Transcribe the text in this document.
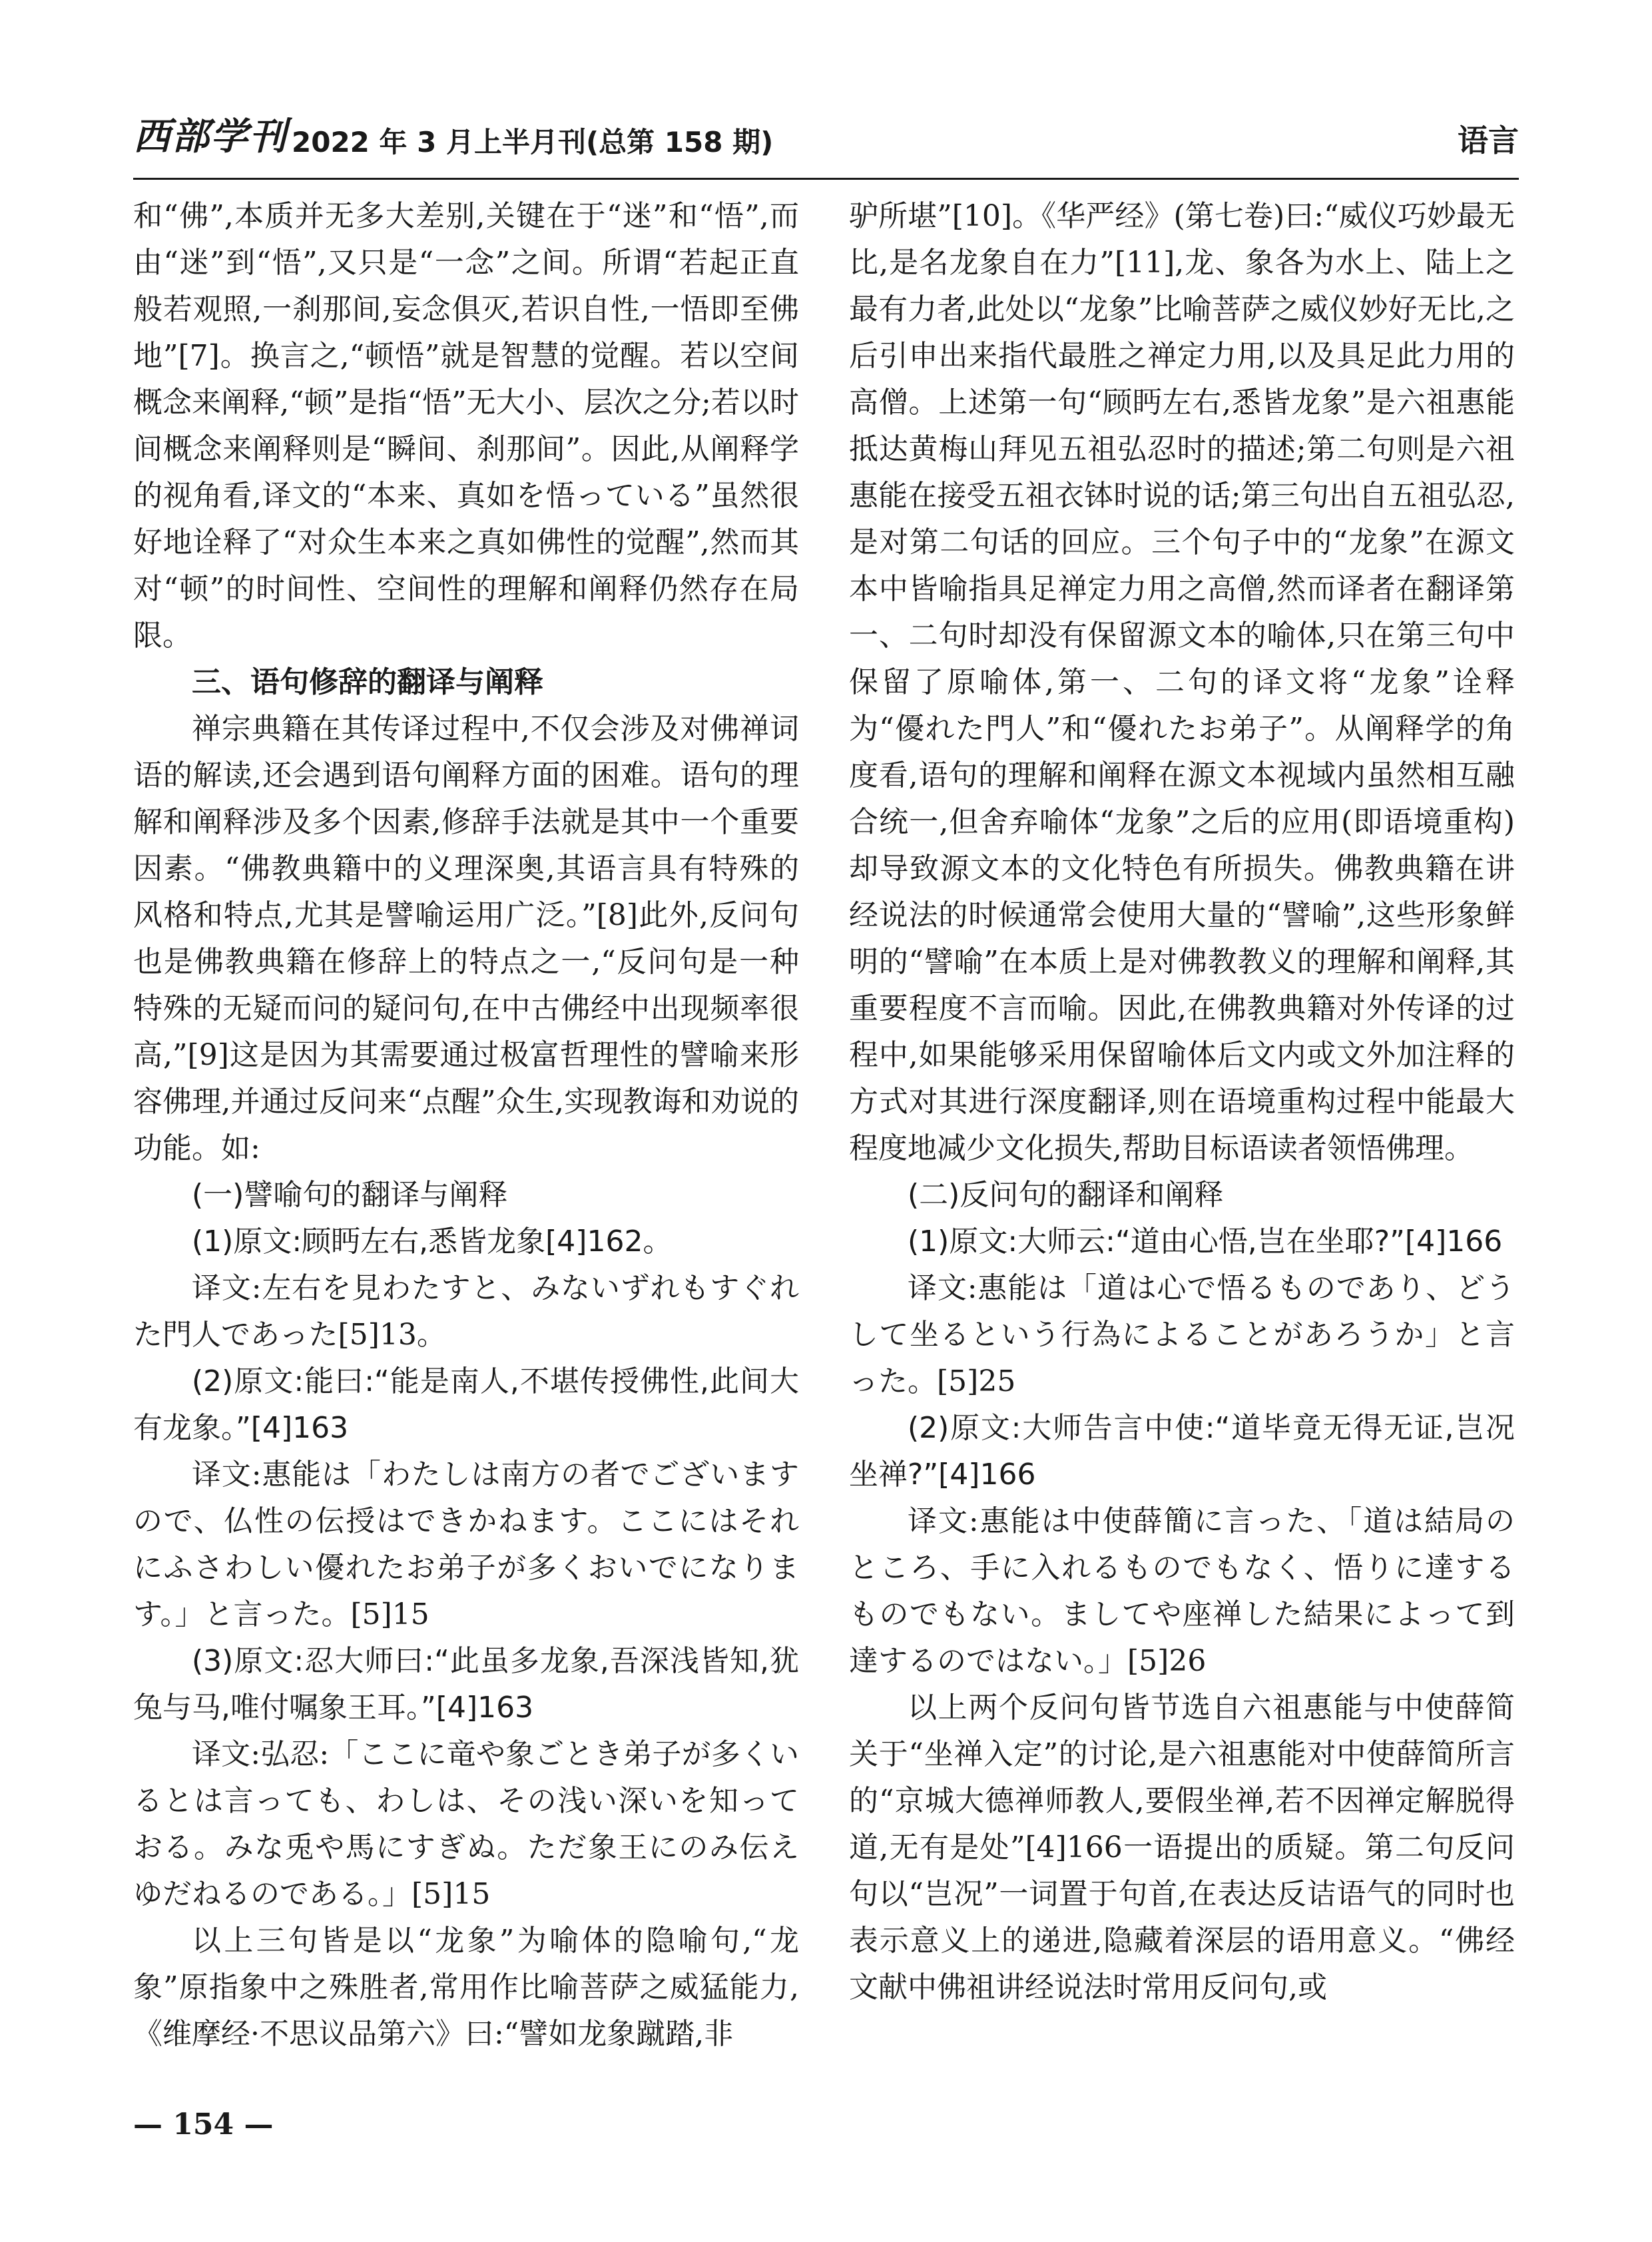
西部学刊 2022 年 3 月上半月刊(总第 158 期)	语言

和“佛”,本质并无多大差别,关键在于“迷”和“悟”,而由“迷”到“悟”,又只是“一念”之间。所谓“若起正直般若观照,一刹那间,妄念俱灭,若识自性,一悟即至佛地”[7]。换言之,“顿悟”就是智慧的觉醒。若以空间概念来阐释,“顿”是指“悟”无大小、层次之分;若以时间概念来阐释则是“瞬间、刹那间”。因此,从阐释学的视角看,译文的“本来、真如を悟っている”虽然很好地诠释了“对众生本来之真如佛性的觉醒”,然而其对“顿”的时间性、空间性的理解和阐释仍然存在局限。

三、语句修辞的翻译与阐释

禅宗典籍在其传译过程中,不仅会涉及对佛禅词语的解读,还会遇到语句阐释方面的困难。语句的理解和阐释涉及多个因素,修辞手法就是其中一个重要因素。“佛教典籍中的义理深奥,其语言具有特殊的风格和特点,尤其是譬喻运用广泛。”[8]此外,反问句也是佛教典籍在修辞上的特点之一,“反问句是一种特殊的无疑而问的疑问句,在中古佛经中出现频率很高,”[9]这是因为其需要通过极富哲理性的譬喻来形容佛理,并通过反问来“点醒”众生,实现教诲和劝说的功能。如:

(一)譬喻句的翻译与阐释

(1)原文:顾眄左右,悉皆龙象[4]162。

译文:左右を見わたすと、みないずれもすぐれた門人であった[5]13。

(2)原文:能曰:“能是南人,不堪传授佛性,此间大有龙象。”[4]163

译文:惠能は「わたしは南方の者でございますので、仏性の伝授はできかねます。ここにはそれにふさわしい優れたお弟子が多くおいでになります。」と言った。[5]15

(3)原文:忍大师曰:“此虽多龙象,吾深浅皆知,犹兔与马,唯付嘱象王耳。”[4]163

译文:弘忍:「ここに竜や象ごとき弟子が多くいるとは言っても、わしは、その浅い深いを知っておる。みな兎や馬にすぎぬ。ただ象王にのみ伝えゆだねるのである。」[5]15

以上三句皆是以“龙象”为喻体的隐喻句,“龙象”原指象中之殊胜者,常用作比喻菩萨之威猛能力,《维摩经·不思议品第六》曰:“譬如龙象蹴踏,非

驴所堪”[10]。《华严经》(第七卷)曰:“威仪巧妙最无比,是名龙象自在力”[11],龙、象各为水上、陆上之最有力者,此处以“龙象”比喻菩萨之威仪妙好无比,之后引申出来指代最胜之禅定力用,以及具足此力用的高僧。上述第一句“顾眄左右,悉皆龙象”是六祖惠能抵达黄梅山拜见五祖弘忍时的描述;第二句则是六祖惠能在接受五祖衣钵时说的话;第三句出自五祖弘忍,是对第二句话的回应。三个句子中的“龙象”在源文本中皆喻指具足禅定力用之高僧,然而译者在翻译第一、二句时却没有保留源文本的喻体,只在第三句中保留了原喻体,第一、二句的译文将“龙象”诠释为“優れた門人”和“優れたお弟子”。从阐释学的角度看,语句的理解和阐释在源文本视域内虽然相互融合统一,但舍弃喻体“龙象”之后的应用(即语境重构)却导致源文本的文化特色有所损失。佛教典籍在讲经说法的时候通常会使用大量的“譬喻”,这些形象鲜明的“譬喻”在本质上是对佛教教义的理解和阐释,其重要程度不言而喻。因此,在佛教典籍对外传译的过程中,如果能够采用保留喻体后文内或文外加注释的方式对其进行深度翻译,则在语境重构过程中能最大程度地减少文化损失,帮助目标语读者领悟佛理。

(二)反问句的翻译和阐释

(1)原文:大师云:“道由心悟,岂在坐耶?”[4]166

译文:惠能は「道は心で悟るものであり、どうして坐るという行為によることがあろうか」と言った。[5]25

(2)原文:大师告言中使:“道毕竟无得无证,岂况坐禅?”[4]166

译文:惠能は中使薛簡に言った、「道は結局のところ、手に入れるものでもなく、悟りに達するものでもない。ましてや座禅した結果によって到達するのではない。」[5]26

以上两个反问句皆节选自六祖惠能与中使薛简关于“坐禅入定”的讨论,是六祖惠能对中使薛简所言的“京城大德禅师教人,要假坐禅,若不因禅定解脱得道,无有是处”[4]166一语提出的质疑。第二句反问句以“岂况”一词置于句首,在表达反诘语气的同时也表示意义上的递进,隐藏着深层的语用意义。“佛经文献中佛祖讲经说法时常用反问句,或

— 154 —
